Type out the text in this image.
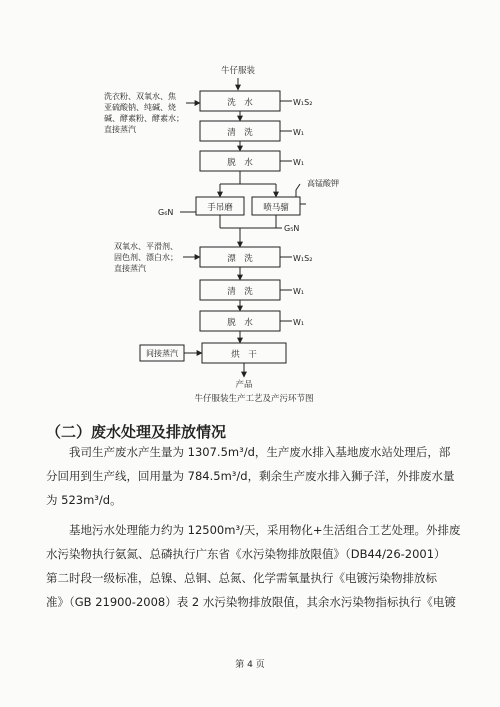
牛仔服装
洗衣粉、双氧水、焦
亚硫酸钠、纯碱、烧
碱、酵素粉、酵素水；
直接蒸汽
洗　水	W₁S₂
清　洗	W₁
脱　水	W₁
高锰酸钾
手吊磨	喷马骝
G₆N
G₅N
双氧水、平滑剂、
固色剂、漂白水；
直接蒸汽
漂　洗	W₁S₂
清　洗	W₁
脱　水	W₁
间接蒸汽	烘　干
产品
牛仔服装生产工艺及产污环节图
（二）废水处理及排放情况
我司生产废水产生量为 1307.5m³/d，生产废水排入基地废水站处理后，部
分回用到生产线，回用量为 784.5m³/d，剩余生产废水排入狮子洋，外排废水量
为 523m³/d。
基地污水处理能力约为 12500m³/天，采用物化+生活组合工艺处理。外排废
水污染物执行氨氮、总磷执行广东省《水污染物排放限值》（DB44/26-2001）
第二时段一级标准，总镍、总铜、总氮、化学需氧量执行《电镀污染物排放标
准》（GB 21900-2008）表 2 水污染物排放限值，其余水污染物指标执行《电镀
第 4 页
